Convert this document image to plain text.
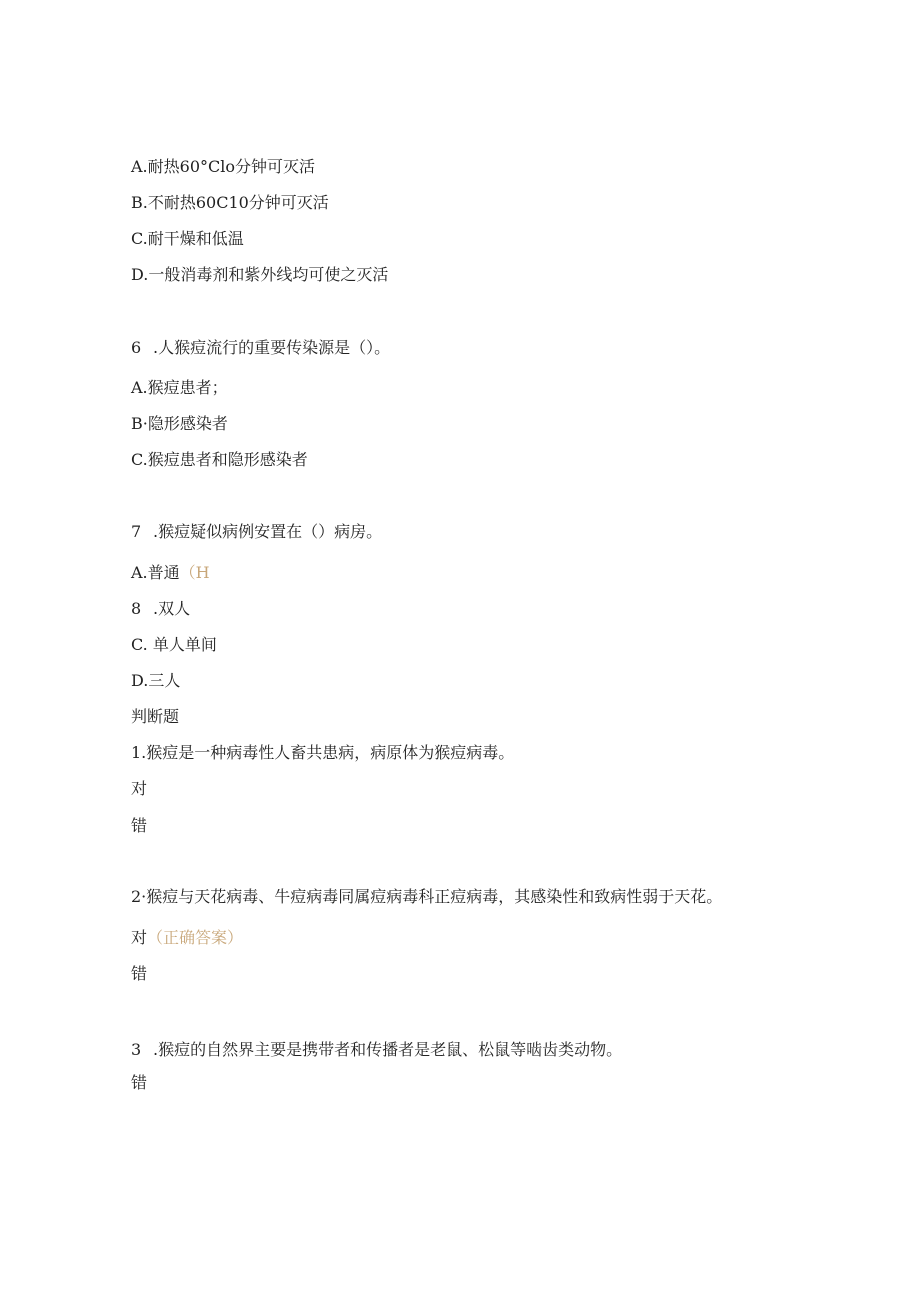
A.耐热60°Clo分钟可灭活
B.不耐热60C10分钟可灭活
C.耐干燥和低温
D.一般消毒剂和紫外线均可使之灭活
6 .人猴痘流行的重要传染源是（）。
A.猴痘患者；
B·隐形感染者
C.猴痘患者和隐形感染者
7 .猴痘疑似病例安置在（）病房。
A.普通（H
8 .双人
C. 单人单间
D.三人
判断题
1.猴痘是一种病毒性人畜共患病，病原体为猴痘病毒。
对
错
2·猴痘与天花病毒、牛痘病毒同属痘病毒科正痘病毒，其感染性和致病性弱于天花。
对（正确答案）
错
3 .猴痘的自然界主要是携带者和传播者是老鼠、松鼠等啮齿类动物。
错
